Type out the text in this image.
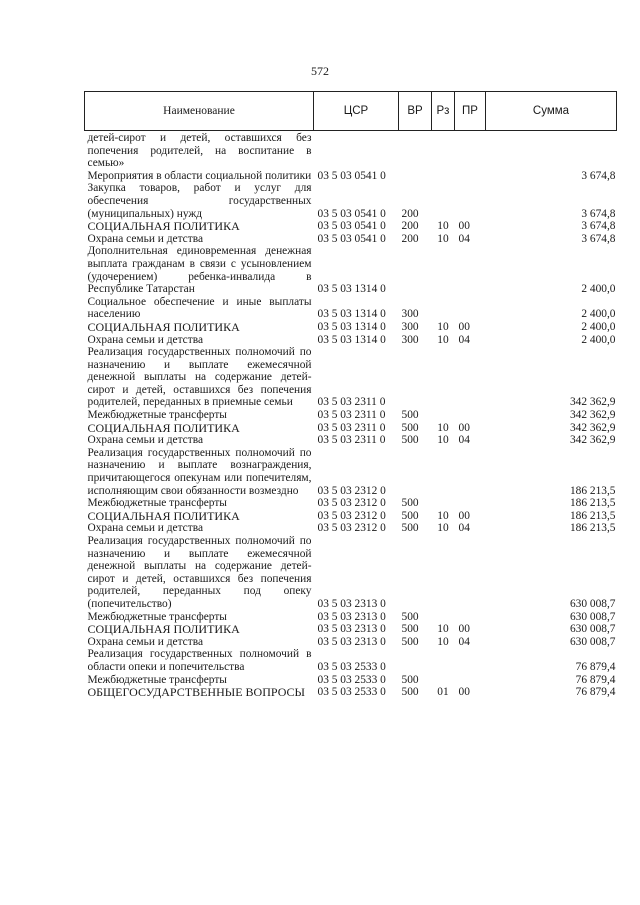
572
Наименование	ЦСР	ВР	Рз	ПР	Сумма
детей-сирот и детей, оставшихся без попечения родителей, на воспитание в семью»					
Мероприятия в области социальной политики	03 5 03 0541 0				3 674,8
Закупка товаров, работ и услуг для обеспечения государственных (муниципальных) нужд	03 5 03 0541 0	200			3 674,8
СОЦИАЛЬНАЯ ПОЛИТИКА	03 5 03 0541 0	200	10	00	3 674,8
Охрана семьи и детства	03 5 03 0541 0	200	10	04	3 674,8
Дополнительная единовременная денежная выплата гражданам в связи с усыновлением (удочерением) ребенка-инвалида в Республике Татарстан	03 5 03 1314 0				2 400,0
Социальное обеспечение и иные выплаты населению	03 5 03 1314 0	300			2 400,0
СОЦИАЛЬНАЯ ПОЛИТИКА	03 5 03 1314 0	300	10	00	2 400,0
Охрана семьи и детства	03 5 03 1314 0	300	10	04	2 400,0
Реализация государственных полномочий по назначению и выплате ежемесячной денежной выплаты на содержание детей-сирот и детей, оставшихся без попечения родителей, переданных в приемные семьи	03 5 03 2311 0				342 362,9
Межбюджетные трансферты	03 5 03 2311 0	500			342 362,9
СОЦИАЛЬНАЯ ПОЛИТИКА	03 5 03 2311 0	500	10	00	342 362,9
Охрана семьи и детства	03 5 03 2311 0	500	10	04	342 362,9
Реализация государственных полномочий по назначению и выплате вознаграждения, причитающегося опекунам или попечителям, исполняющим свои обязанности возмездно	03 5 03 2312 0				186 213,5
Межбюджетные трансферты	03 5 03 2312 0	500			186 213,5
СОЦИАЛЬНАЯ ПОЛИТИКА	03 5 03 2312 0	500	10	00	186 213,5
Охрана семьи и детства	03 5 03 2312 0	500	10	04	186 213,5
Реализация государственных полномочий по назначению и выплате ежемесячной денежной выплаты на содержание детей-сирот и детей, оставшихся без попечения родителей, переданных под опеку (попечительство)	03 5 03 2313 0				630 008,7
Межбюджетные трансферты	03 5 03 2313 0	500			630 008,7
СОЦИАЛЬНАЯ ПОЛИТИКА	03 5 03 2313 0	500	10	00	630 008,7
Охрана семьи и детства	03 5 03 2313 0	500	10	04	630 008,7
Реализация государственных полномочий в области опеки и попечительства	03 5 03 2533 0				76 879,4
Межбюджетные трансферты	03 5 03 2533 0	500			76 879,4
ОБЩЕГОСУДАРСТВЕННЫЕ ВОПРОСЫ	03 5 03 2533 0	500	01	00	76 879,4
